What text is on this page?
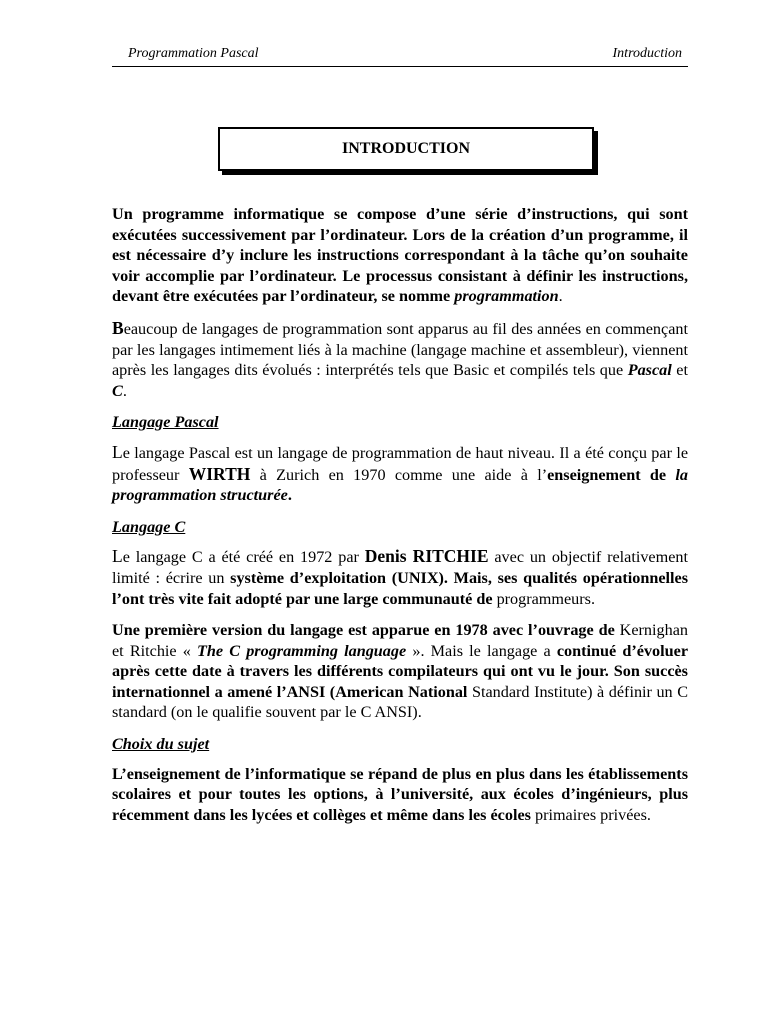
Programmation Pascal	Introduction
INTRODUCTION

Un programme informatique se compose d’une série d’instructions, qui sont exécutées successivement par l’ordinateur. Lors de la création d’un programme, il est nécessaire d’y inclure les instructions correspondant à la tâche qu’on souhaite voir accomplie par l’ordinateur. Le processus consistant à définir les instructions, devant être exécutées par l’ordinateur, se nomme programmation.

Beaucoup de langages de programmation sont apparus au fil des années en commençant par les langages intimement liés à la machine (langage machine et assembleur), viennent après les langages dits évolués : interprétés tels que Basic et compilés tels que Pascal et C.

Langage Pascal

Le langage Pascal est un langage de programmation de haut niveau. Il a été conçu par le professeur WIRTH à Zurich en 1970 comme une aide à l’enseignement de la programmation structurée.

Langage C

Le langage C a été créé en 1972 par Denis RITCHIE avec un objectif relativement limité : écrire un système d’exploitation (UNIX). Mais, ses qualités opérationnelles l’ont très vite fait adopté par une large communauté de programmeurs.

Une première version du langage est apparue en 1978 avec l’ouvrage de Kernighan et Ritchie « The C programming language ». Mais le langage a continué d’évoluer après cette date à travers les différents compilateurs qui ont vu le jour. Son succès internationnel a amené l’ANSI (American National Standard Institute) à définir un C standard (on le qualifie souvent par le C ANSI).

Choix du sujet

L’enseignement de l’informatique se répand de plus en plus dans les établissements scolaires et pour toutes les options, à l’université, aux écoles d’ingénieurs, plus récemment dans les lycées et collèges et même dans les écoles primaires privées.
